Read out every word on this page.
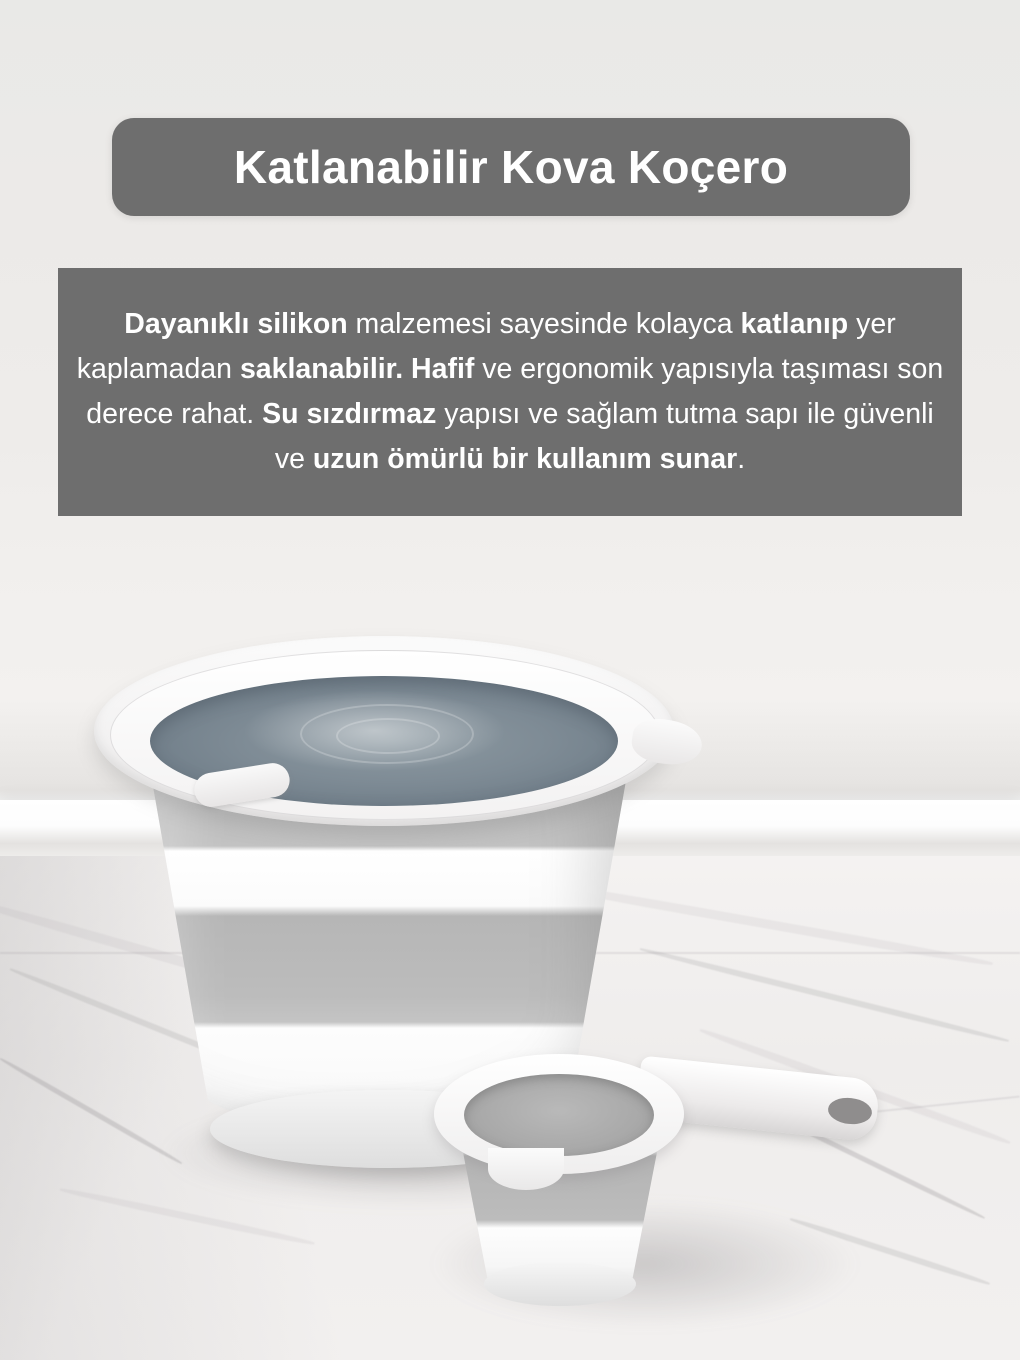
Katlanabilir Kova Koçero
Dayanıklı silikon malzemesi sayesinde kolayca katlanıp yer kaplamadan saklanabilir. Hafif ve ergonomik yapısıyla taşıması son derece rahat. Su sızdırmaz yapısı ve sağlam tutma sapı ile güvenli ve uzun ömürlü bir kullanım sunar.
